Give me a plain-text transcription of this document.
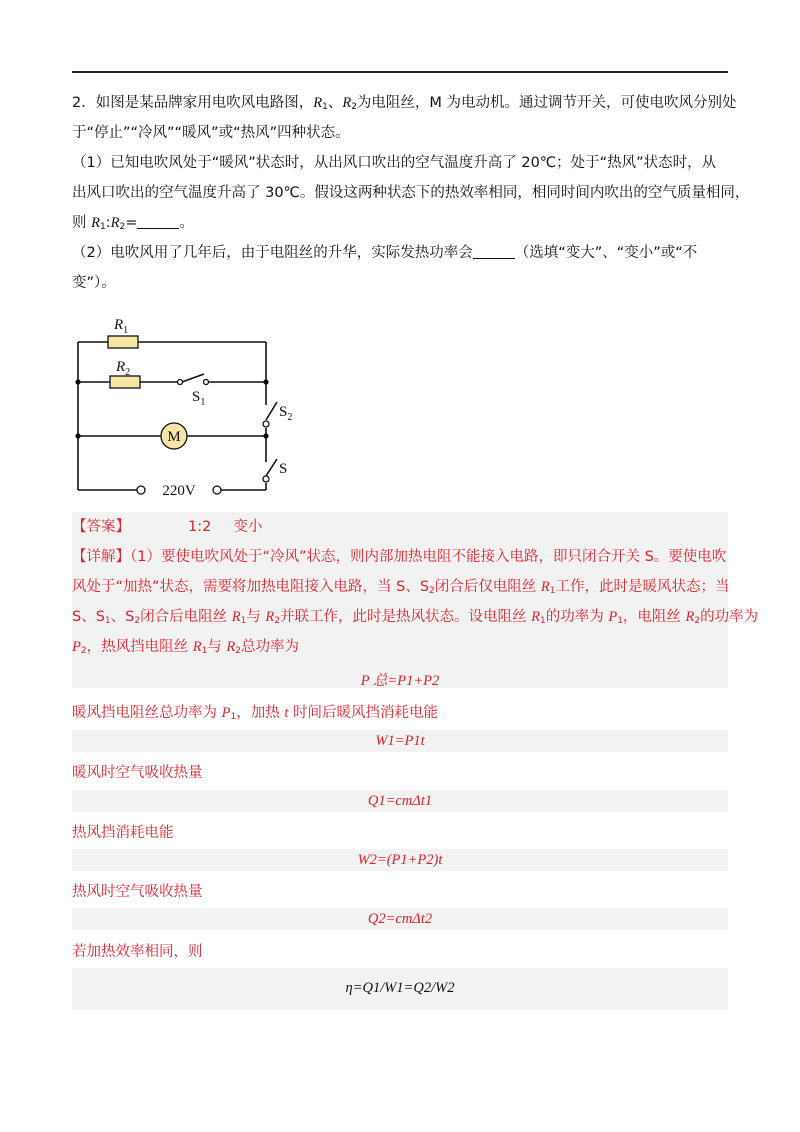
2．如图是某品牌家用电吹风电路图，$R_1$、$R_2$为电阻丝，M 为电动机。通过调节开关，可使电吹风分别处
于“停止”“冷风”“暖风”或“热风”四种状态。
（1）已知电吹风处于“暖风”状态时，从出风口吹出的空气温度升高了 20℃；处于“热风”状态时，从
出风口吹出的空气温度升高了 30℃。假设这两种状态下的热效率相同，相同时间内吹出的空气质量相同，
则 $R_1:R_2=$	。
（2）电吹风用了几年后，由于电阻丝的升华，实际发热功率会	（选填“变大”、“变小”或“不
变”）。
M
$R_1$
$R_2$
$S_1$
$S_2$
S
220V
【答案】	1:2 变小
【详解】（1）要使电吹风处于“冷风”状态，则内部加热电阻不能接入电路，即只闭合开关 S。要使电吹
风处于“加热”状态，需要将加热电阻接入电路，当 S、$S_2$闭合后仅电阻丝 $R_1$工作，此时是暖风状态；当
S、$S_1$、$S_2$闭合后电阻丝 $R_1$与 $R_2$并联工作，此时是热风状态。设电阻丝 $R_1$的功率为 $P_1$，电阻丝 $R_2$的功率为
$P_2$，热风挡电阻丝 $R_1$与 $R_2$总功率为
P 总=P1+P2
暖风挡电阻丝总功率为 $P_1$，加热 t 时间后暖风挡消耗电能
W1=P1t
暖风时空气吸收热量
Q1=cmΔt1
热风挡消耗电能
W2=(P1+P2)t
热风时空气吸收热量
Q2=cmΔt2
若加热效率相同，则
η=Q1/W1=Q2/W2
